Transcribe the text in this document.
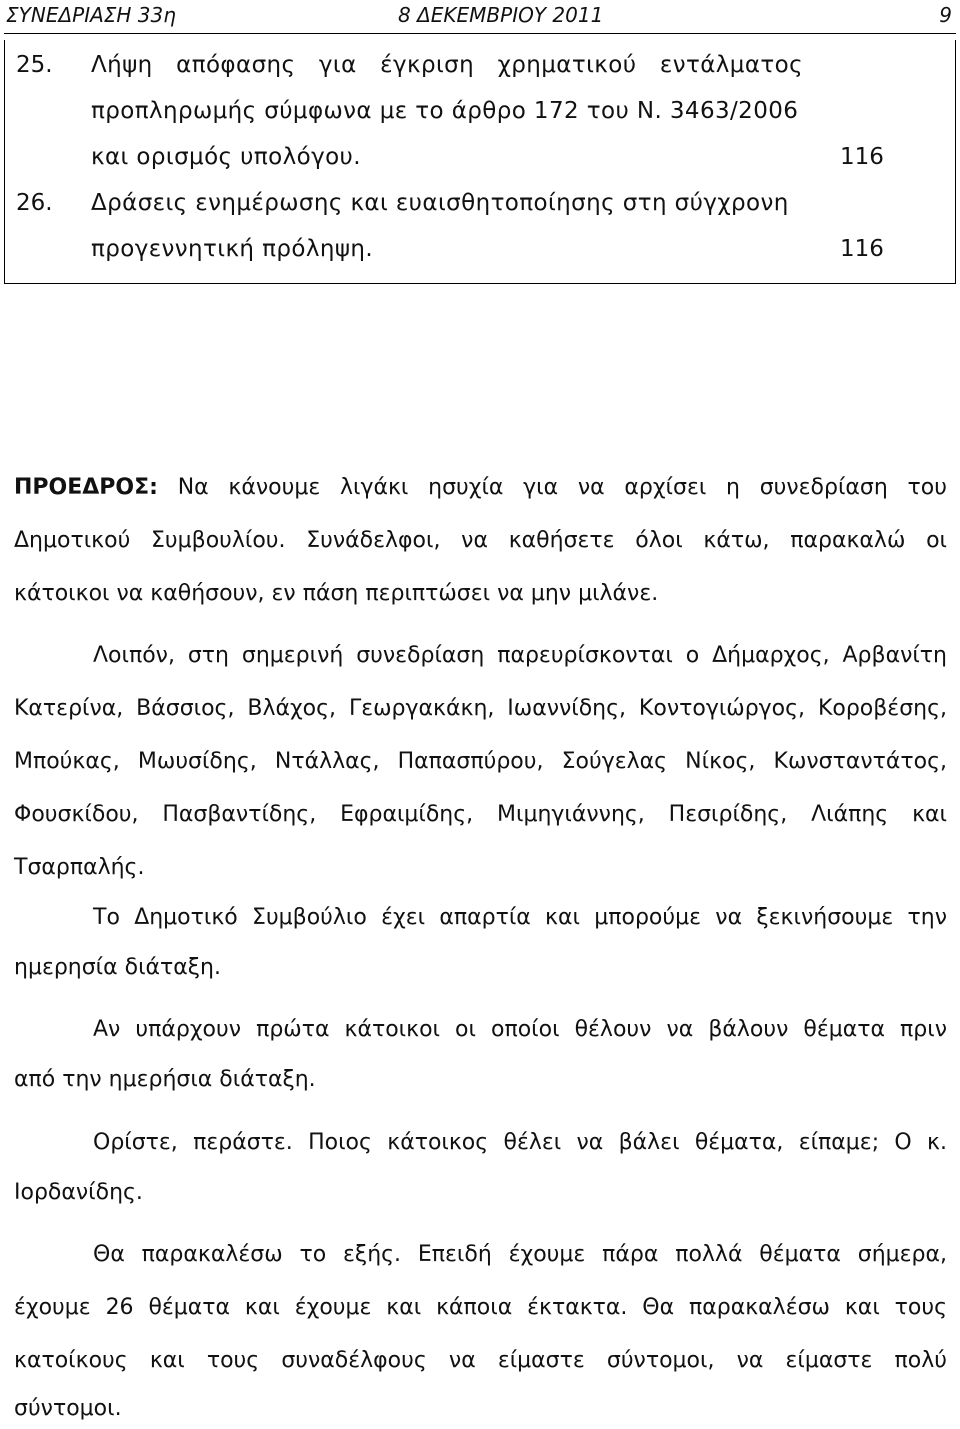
ΣΥΝΕΔΡΙΑΣΗ 33η	8 ΔΕΚΕΜΒΡΙΟΥ 2011	9
25. Λήψη απόφασης για έγκριση χρηματικού εντάλματος
προπληρωμής σύμφωνα με το άρθρο 172 του Ν. 3463/2006
και ορισμός υπολόγου.	116
26. Δράσεις ενημέρωσης και ευαισθητοποίησης στη σύγχρονη
προγεννητική πρόληψη.	116
ΠΡΟΕΔΡΟΣ: Να κάνουμε λιγάκι ησυχία για να αρχίσει η συνεδρίαση του
Δημοτικού Συμβουλίου. Συνάδελφοι, να καθήσετε όλοι κάτω, παρακαλώ οι
κάτοικοι να καθήσουν, εν πάση περιπτώσει να μην μιλάνε.
Λοιπόν, στη σημερινή συνεδρίαση παρευρίσκονται ο Δήμαρχος, Αρβανίτη
Κατερίνα, Βάσσιος, Βλάχος, Γεωργακάκη, Ιωαννίδης, Κοντογιώργος, Κοροβέσης,
Μπούκας, Μωυσίδης, Ντάλλας, Παπασπύρου, Σούγελας Νίκος, Κωνσταντάτος,
Φουσκίδου, Πασβαντίδης, Εφραιμίδης, Μιμηγιάννης, Πεσιρίδης, Λιάπης και
Τσαρπαλής.
Το Δημοτικό Συμβούλιο έχει απαρτία και μπορούμε να ξεκινήσουμε την
ημερησία διάταξη.
Αν υπάρχουν πρώτα κάτοικοι οι οποίοι θέλουν να βάλουν θέματα πριν
από την ημερήσια διάταξη.
Ορίστε, περάστε. Ποιος κάτοικος θέλει να βάλει θέματα, είπαμε; Ο κ.
Ιορδανίδης.
Θα παρακαλέσω το εξής. Επειδή έχουμε πάρα πολλά θέματα σήμερα,
έχουμε 26 θέματα και έχουμε και κάποια έκτακτα. Θα παρακαλέσω και τους
κατοίκους και τους συναδέλφους να είμαστε σύντομοι, να είμαστε πολύ
σύντομοι.
